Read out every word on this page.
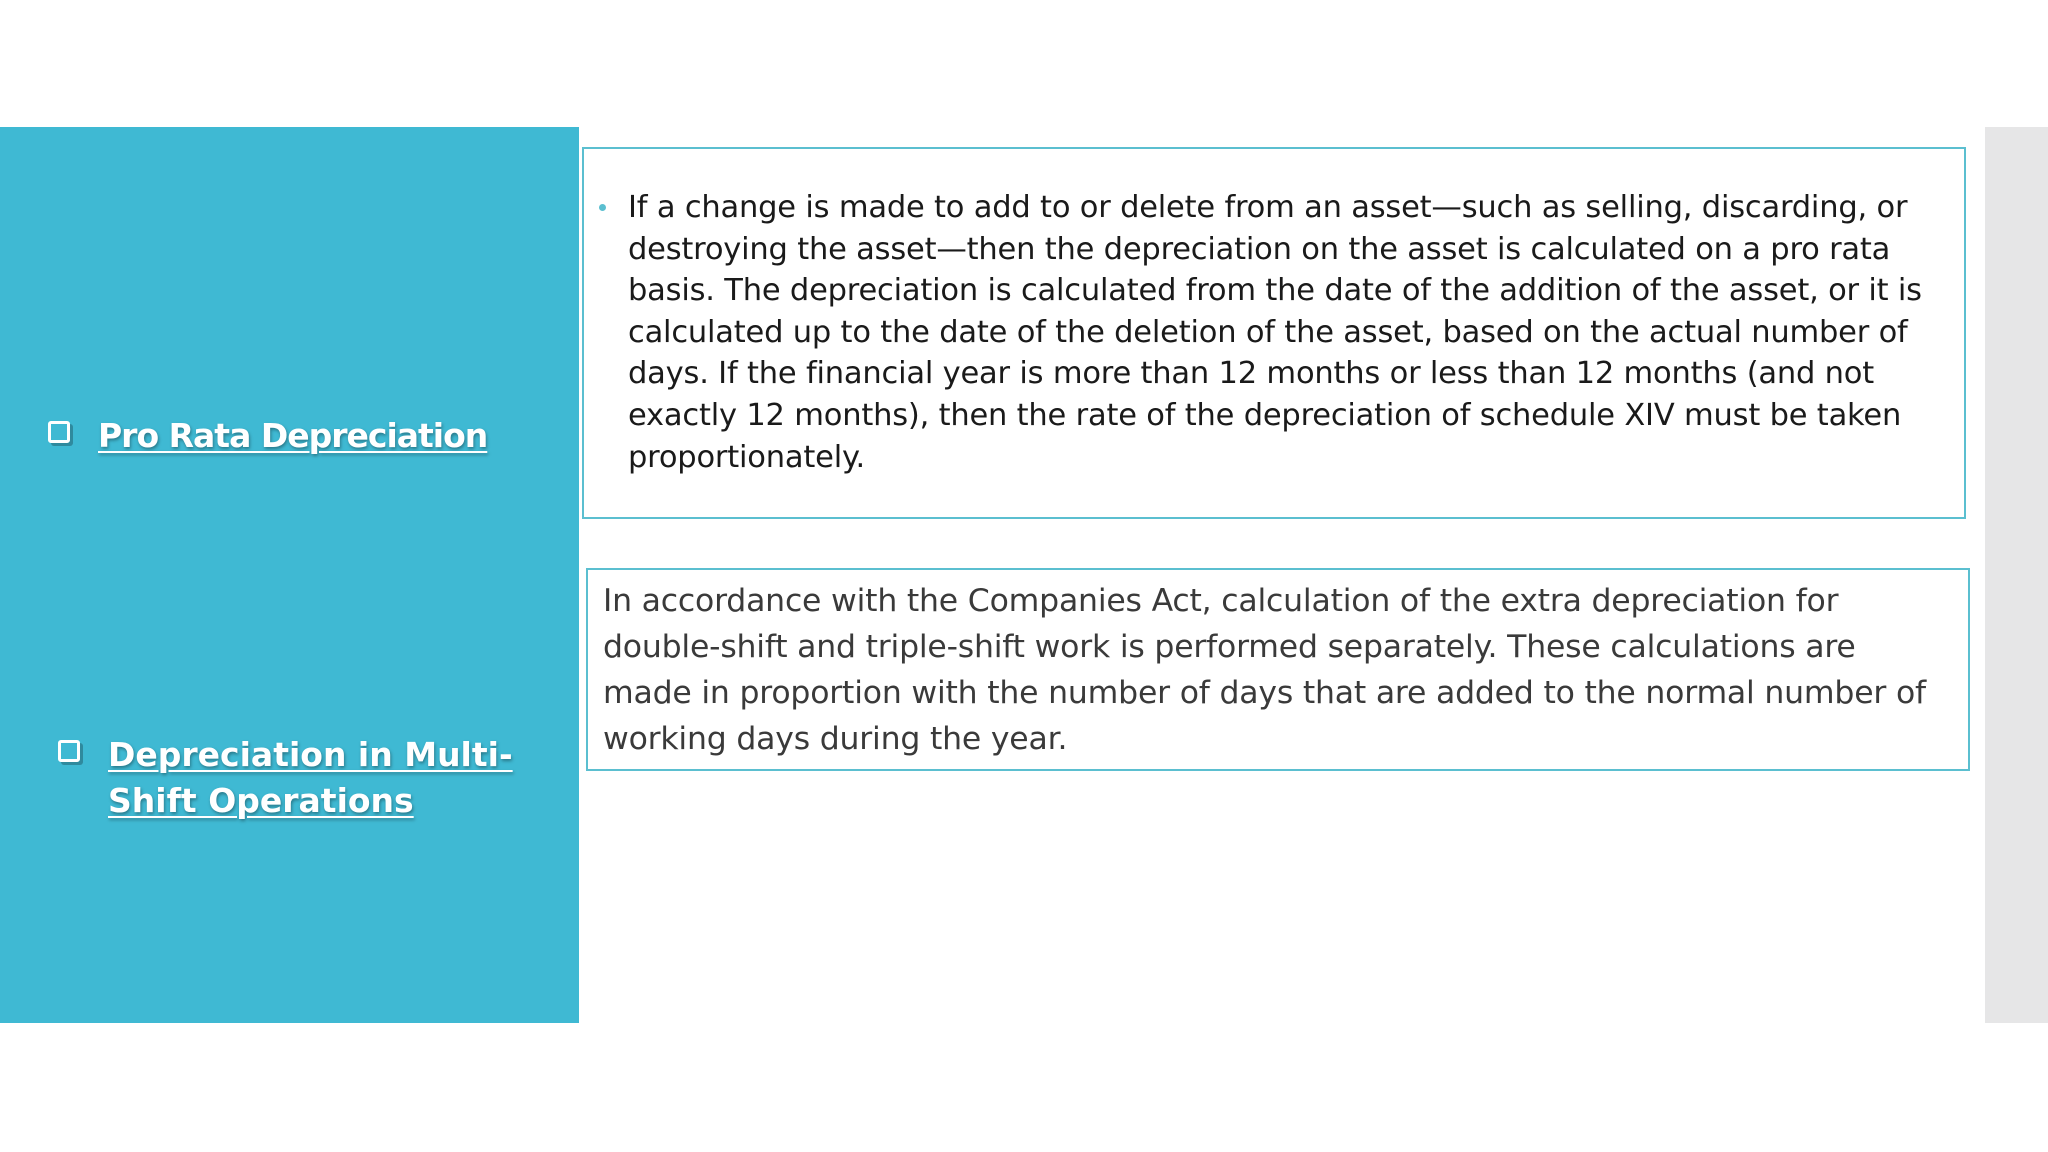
Pro Rata Depreciation
Depreciation in Multi-Shift Operations
If a change is made to add to or delete from an asset—such as selling, discarding, or destroying the asset—then the depreciation on the asset is calculated on a pro rata basis. The depreciation is calculated from the date of the addition of the asset, or it is calculated up to the date of the deletion of the asset, based on the actual number of days. If the financial year is more than 12 months or less than 12 months (and not exactly 12 months), then the rate of the depreciation of schedule XIV must be taken proportionately.
In accordance with the Companies Act, calculation of the extra depreciation for double-shift and triple-shift work is performed separately. These calculations are made in proportion with the number of days that are added to the normal number of working days during the year.
